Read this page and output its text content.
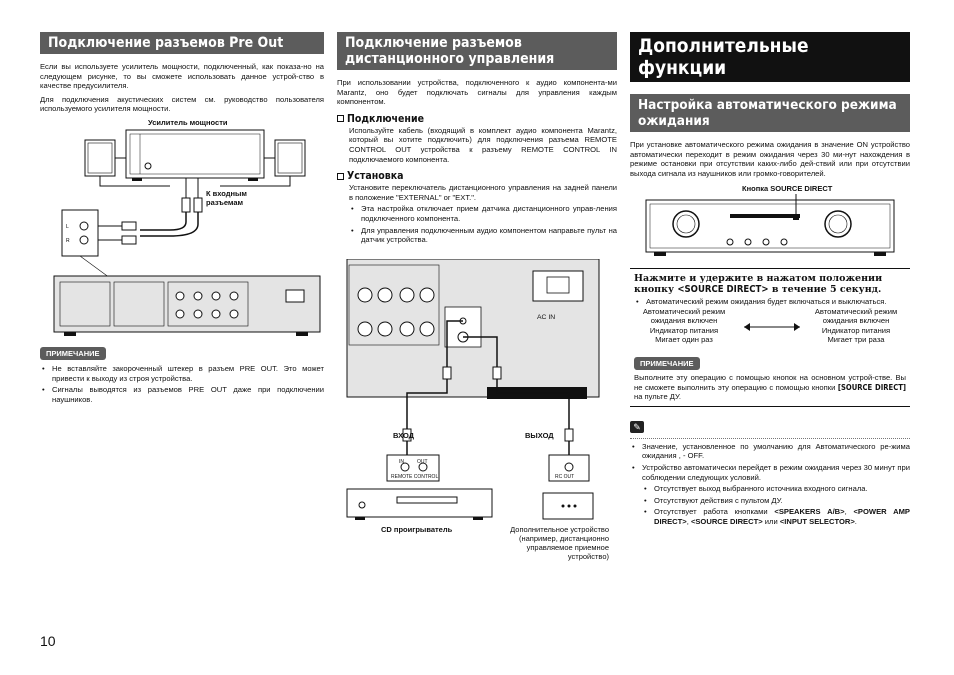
Подключение разъемов Pre Out
Если вы используете усилитель мощности, подключенный, как показа-но на следующем рисунке, то вы сможете использовать данное устрой-ство в качестве предусилителя.
Для подключения акустических систем см. руководство пользователя используемого усилителя мощности.
Усилитель мощности
К входным разъемам
L
R
ПРИМЕЧАНИЕ
• Не вставляйте закороченный штекер в разъем PRE OUT. Это может привести к выходу из строя устройства.
• Сигналы выводятся из разъемов PRE OUT даже при подключении наушников.
Подключение разъемов дистанционного управления
При использовании устройства, подключенного к аудио компонента-ми Marantz, оно будет подключать сигналы для управления каждым компонентом.
Подключение
Используйте кабель (входящий в комплект аудио компонента Marantz, который вы хотите подключить) для подключения разъема REMOTE CONTROL OUT устройства к разъему REMOTE CONTROL IN подключаемого компонента.
Установка
Установите переключатель дистанционного управления на задней панели в положение "EXTERNAL" or "EXT.".
• Эта настройка отключает прием датчика дистанционного управ-ления подключенного компонента.
• Для управления подключенным аудио компонентом направьте пульт на датчик устройства.
AC IN
ВХОД	ВЫХОД
IN	OUT
REMOTE CONTROL	RC OUT
CD проигрыватель	Дополнительное устройство (например, дистанционно управляемое приемное устройство)
Дополнительные функции
Настройка автоматического режима ожидания
При установке автоматического режима ожидания в значение ON устройство автоматически переходит в режим ожидания через 30 ми-нут нахождения в режиме остановки при отсутствии каких-либо дей-ствий или при отсутствии выхода сигнала из наушников или громко-говорителей.
Кнопка SOURCE DIRECT
Нажмите и удержите в нажатом положении кнопку <SOURCE DIRECT> в течение 5 секунд.
• Автоматический режим ожидания будет включаться и выключаться.
Автоматический режим
ожидания включен
Индикатор питания
Мигает один раз
Автоматический режим
ожидания включен
Индикатор питания
Мигает три раза
ПРИМЕЧАНИЕ
Выполните эту операцию с помощью кнопок на основном устрой-стве. Вы не сможете выполнить эту операцию с помощью кнопки [SOURCE DIRECT] на пульте ДУ.
✎
• Значение, установленное по умолчанию для Автоматического ре-жима ожидания , - OFF.
• Устройство автоматически перейдет в режим ожидания через 30 минут при соблюдении следующих условий.
• Отсутствует выход выбранного источника входного сигнала.
• Отсутствуют действия с пультом ДУ.
• Отсутствует работа кнопками <SPEAKERS A/B>, <POWER AMP DIRECT>, <SOURCE DIRECT> или <INPUT SELECTOR>.
10
